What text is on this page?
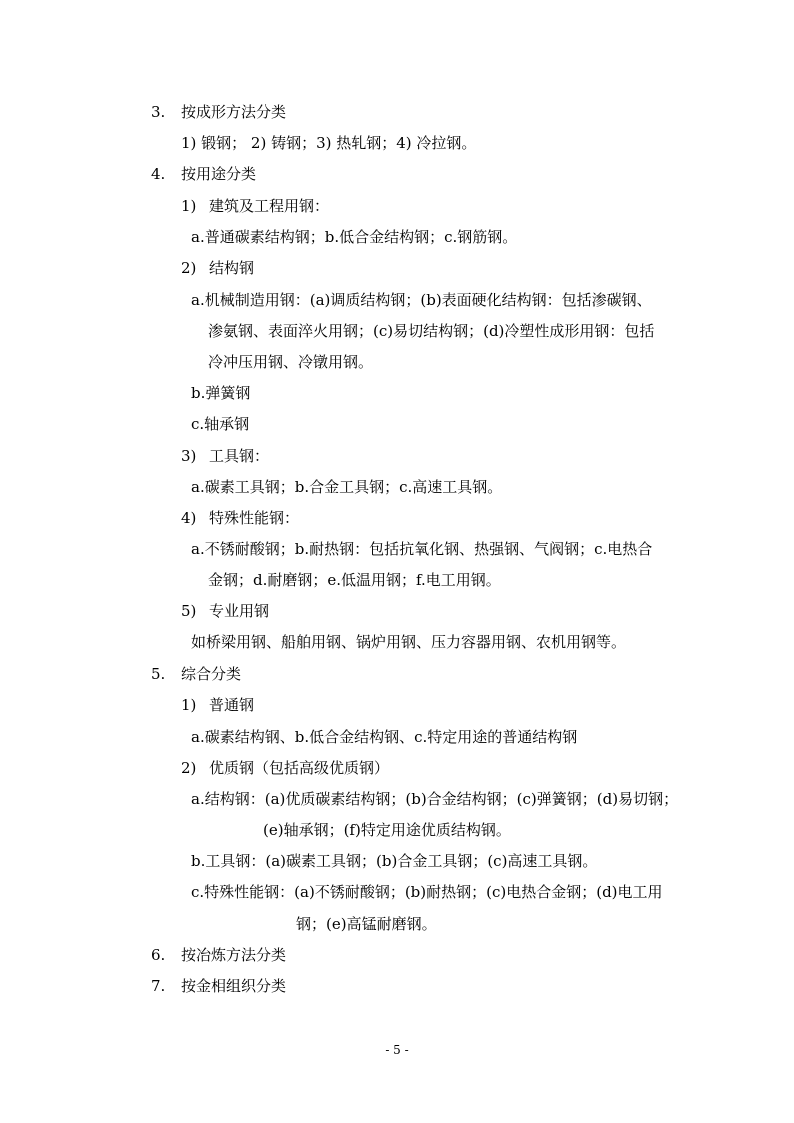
3. 按成形方法分类
1) 锻钢； 2) 铸钢；3) 热轧钢；4) 冷拉钢。
4. 按用途分类
1) 建筑及工程用钢：
a.普通碳素结构钢；b.低合金结构钢；c.钢筋钢。
2) 结构钢
a.机械制造用钢：(a)调质结构钢；(b)表面硬化结构钢：包括渗碳钢、
渗氨钢、表面淬火用钢；(c)易切结构钢；(d)冷塑性成形用钢：包括
冷冲压用钢、冷镦用钢。
b.弹簧钢
c.轴承钢
3) 工具钢：
a.碳素工具钢；b.合金工具钢；c.高速工具钢。
4) 特殊性能钢：
a.不锈耐酸钢；b.耐热钢：包括抗氧化钢、热强钢、气阀钢；c.电热合
金钢；d.耐磨钢；e.低温用钢；f.电工用钢。
5) 专业用钢
如桥梁用钢、船舶用钢、锅炉用钢、压力容器用钢、农机用钢等。
5. 综合分类
1) 普通钢
a.碳素结构钢、b.低合金结构钢、c.特定用途的普通结构钢
2) 优质钢（包括高级优质钢）
a.结构钢：(a)优质碳素结构钢；(b)合金结构钢；(c)弹簧钢；(d)易切钢；
(e)轴承钢；(f)特定用途优质结构钢。
b.工具钢：(a)碳素工具钢；(b)合金工具钢；(c)高速工具钢。
c.特殊性能钢：(a)不锈耐酸钢；(b)耐热钢；(c)电热合金钢；(d)电工用
钢；(e)高锰耐磨钢。
6. 按冶炼方法分类
7. 按金相组织分类
- 5 -
